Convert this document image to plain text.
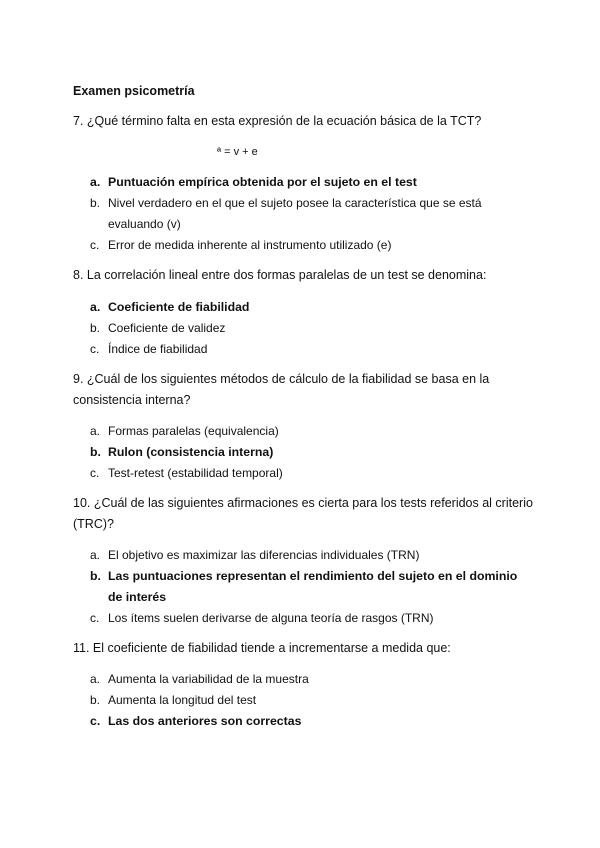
Examen psicometría
7. ¿Qué término falta en esta expresión de la ecuación básica de la TCT?
ª = v + e
a. Puntuación empírica obtenida por el sujeto en el test
b. Nivel verdadero en el que el sujeto posee la característica que se está evaluando (v)
c. Error de medida inherente al instrumento utilizado (e)
8. La correlación lineal entre dos formas paralelas de un test se denomina:
a. Coeficiente de fiabilidad
b. Coeficiente de validez
c. Índice de fiabilidad
9. ¿Cuál de los siguientes métodos de cálculo de la fiabilidad se basa en la consistencia interna?
a. Formas paralelas (equivalencia)
b. Rulon (consistencia interna)
c. Test-retest (estabilidad temporal)
10. ¿Cuál de las siguientes afirmaciones es cierta para los tests referidos al criterio (TRC)?
a. El objetivo es maximizar las diferencias individuales (TRN)
b. Las puntuaciones representan el rendimiento del sujeto en el dominio de interés
c. Los ítems suelen derivarse de alguna teoría de rasgos (TRN)
11. El coeficiente de fiabilidad tiende a incrementarse a medida que:
a. Aumenta la variabilidad de la muestra
b. Aumenta la longitud del test
c. Las dos anteriores son correctas
